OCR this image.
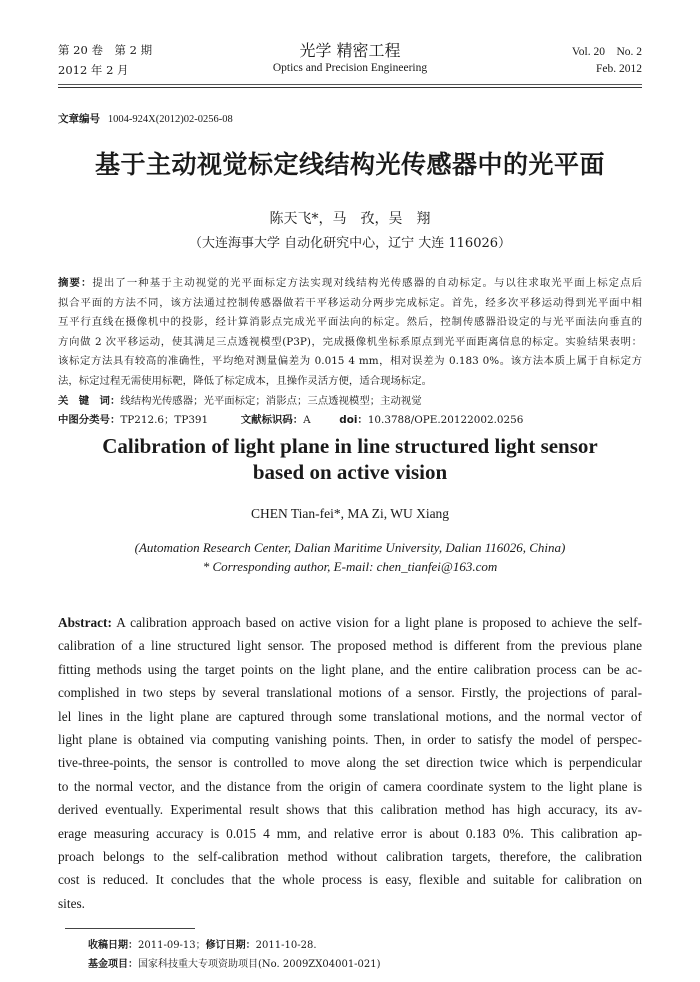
第 20 卷　第 2 期
2012 年 2 月
光学 精密工程
Optics and Precision Engineering
Vol. 20　No. 2
Feb. 2012
文章编号 1004-924X(2012)02-0256-08
基于主动视觉标定线结构光传感器中的光平面
陈天飞*，马　孜，吴　翔
（大连海事大学 自动化研究中心，辽宁 大连 116026）
摘要：提出了一种基于主动视觉的光平面标定方法实现对线结构光传感器的自动标定。与以往求取光平面上标定点后
拟合平面的方法不同，该方法通过控制传感器做若干平移运动分两步完成标定。首先，经多次平移运动得到光平面中相
互平行直线在摄像机中的投影，经计算消影点完成光平面法向的标定。然后，控制传感器沿设定的与光平面法向垂直的
方向做 2 次平移运动，使其满足三点透视模型(P3P)，完成摄像机坐标系原点到光平面距离信息的标定。实验结果表明：
该标定方法具有较高的准确性，平均绝对测量偏差为 0.015 4 mm，相对误差为 0.183 0%。该方法本质上属于自标定方
法，标定过程无需使用标靶，降低了标定成本，且操作灵活方便，适合现场标定。
关　键　词：线结构光传感器；光平面标定；消影点；三点透视模型；主动视觉
中图分类号：TP212.6；TP391	文献标识码：A	doi：10.3788/OPE.20122002.0256
Calibration of light plane in line structured light sensor
based on active vision
CHEN Tian-fei*, MA Zi, WU Xiang
(Automation Research Center, Dalian Maritime University, Dalian 116026, China)
* Corresponding author, E-mail: chen_tianfei@163.com
Abstract: A calibration approach based on active vision for a light plane is proposed to achieve the self-
calibration of a line structured light sensor. The proposed method is different from the previous plane
fitting methods using the target points on the light plane, and the entire calibration process can be ac-
complished in two steps by several translational motions of a sensor. Firstly, the projections of paral-
lel lines in the light plane are captured through some translational motions, and the normal vector of
light plane is obtained via computing vanishing points. Then, in order to satisfy the model of perspec-
tive-three-points, the sensor is controlled to move along the set direction twice which is perpendicular
to the normal vector, and the distance from the origin of camera coordinate system to the light plane is
derived eventually. Experimental result shows that this calibration method has high accuracy, its av-
erage measuring accuracy is 0.015 4 mm, and relative error is about 0.183 0%. This calibration ap-
proach belongs to the self-calibration method without calibration targets, therefore, the calibration
cost is reduced. It concludes that the whole process is easy, flexible and suitable for calibration on
sites.
收稿日期：2011-09-13；修订日期：2011-10-28.
基金项目：国家科技重大专项资助项目(No. 2009ZX04001-021)
